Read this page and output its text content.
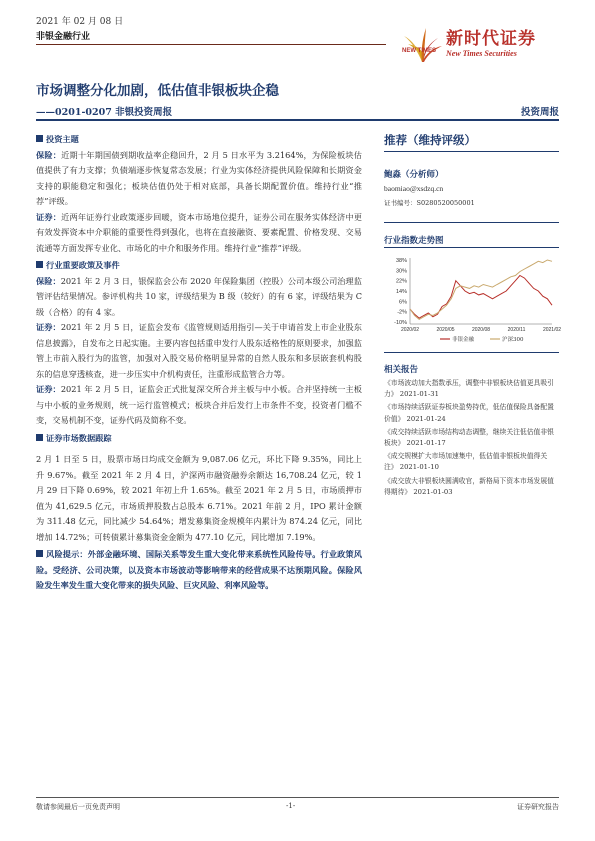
2021 年 02 月 08 日
非银金融行业
NEW TIMES
新时代证券
New Times Securities
市场调整分化加剧，低估值非银板块企稳
——0201-0207 非银投资周报	投资周报

投资主题

保险：近期十年期国债到期收益率企稳回升，2 月 5 日水平为 3.2164%，为保险板块估值提供了有力支撑；负债端逐步恢复常态发展；行业为实体经济提供风险保障和长期资金支持的职能稳定和强化；板块估值仍处于相对底部，具备长期配置价值。维持行业“推荐”评级。

证券：近两年证券行业政策逐步回暖，资本市场地位提升，证券公司在服务实体经济中更有效发挥资本中介职能的重要性得到强化，也将在直接融资、要素配置、价格发现、交易流通等方面发挥专业化、市场化的中介和服务作用。维持行业“推荐”评级。

行业重要政策及事件

保险：2021 年 2 月 3 日，银保监会公布 2020 年保险集团（控股）公司本级公司治理监管评估结果情况。参评机构共 10 家，评级结果为 B 级（较好）的有 6 家，评级结果为 C 级（合格）的有 4 家。

证券：2021 年 2 月 5 日，证监会发布《监管规则适用指引—关于申请首发上市企业股东信息披露》，自发布之日起实施。主要内容包括重申发行人股东适格性的原则要求，加强监管上市前入股行为的监管，加强对入股交易价格明显异常的自然人股东和多层嵌套机构股东的信息穿透核查，进一步压实中介机构责任，注重形成监管合力等。

证券：2021 年 2 月 5 日，证监会正式批复深交所合并主板与中小板。合并坚持统一主板与中小板的业务规则，统一运行监管模式；板块合并后发行上市条件不变，投资者门槛不变，交易机制不变，证券代码及简称不变。

证券市场数据跟踪

2 月 1 日至 5 日，股票市场日均成交金额为 9,087.06 亿元，环比下降 9.35%，同比上升 9.67%。截至 2021 年 2 月 4 日，沪深两市融资融券余额达 16,708.24 亿元，较 1 月 29 日下降 0.69%，较 2021 年初上升 1.65%。截至 2021 年 2 月 5 日，市场质押市值为 41,629.5 亿元，市场质押股数占总股本 6.71%。2021 年前 2 月，IPO 累计金额为 311.48 亿元，同比减少 54.64%；增发募集资金规模年内累计为 874.24 亿元，同比增加 14.72%；可转债累计募集资金金额为 477.10 亿元，同比增加 7.19%。

风险提示：外部金融环境、国际关系等发生重大变化带来系统性风险传导。行业政策风险。受经济、公司决策，以及资本市场波动等影响带来的经营成果不达预期风险。保险风险发生率发生重大变化带来的损失风险、巨灾风险、利率风险等。

推荐（维持评级）
鲍淼（分析师）
baomiao@xsdzq.cn
证书编号：S0280520050001
行业指数走势图
38%
30%
22%
14%
6%
-2%
-10%
2020/02	2020/05	2020/08	2020/11	2021/02
非银金融	沪深300
相关报告
《市场波动加大指数承压，调整中非银板块估值更具吸引力》 2021-01-31
《市场持续活跃证券板块盈势持优，低估值保险具备配置价值》 2021-01-24
《成交持续活跃市场结构动态调整，继续关注低估值非银板块》 2021-01-17
《成交规模扩大市场加速集中，低估值非银板块值得关注》 2021-01-10
《成交放大非银板块圆满收官，新格局下资本市场发展值得期待》 2021-01-03
敬请参阅最后一页免责声明	-1-	证券研究报告
